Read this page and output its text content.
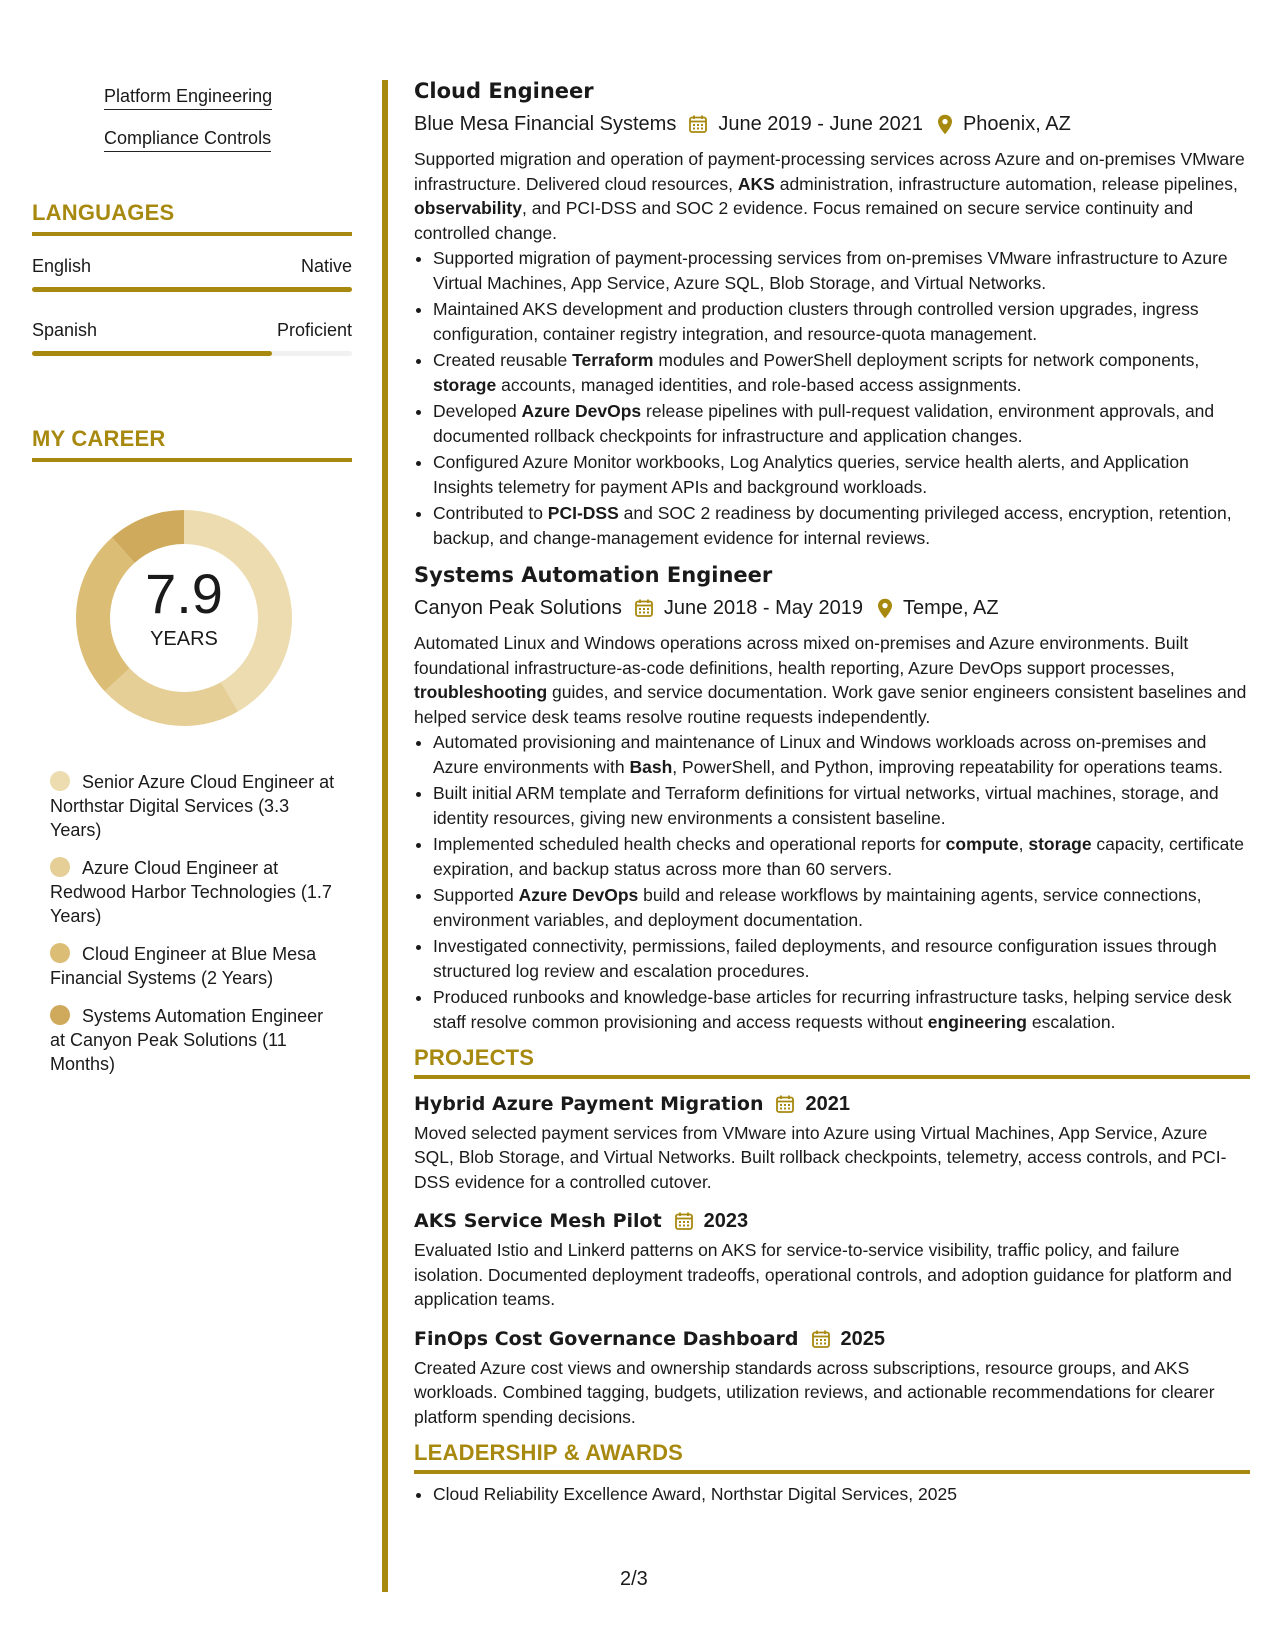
Platform Engineering
Compliance Controls
LANGUAGES
English	Native
Spanish	Proficient
MY CAREER
7.9
YEARS
Senior Azure Cloud Engineer at Northstar Digital Services (3.3 Years)
Azure Cloud Engineer at Redwood Harbor Technologies (1.7 Years)
Cloud Engineer at Blue Mesa Financial Systems (2 Years)
Systems Automation Engineer at Canyon Peak Solutions (11 Months)
Cloud Engineer
Blue Mesa Financial Systems June 2019 - June 2021 Phoenix, AZ
Supported migration and operation of payment-processing services across Azure and on-premises VMware infrastructure. Delivered cloud resources, AKS administration, infrastructure automation, release pipelines, observability, and PCI-DSS and SOC 2 evidence. Focus remained on secure service continuity and controlled change.
• Supported migration of payment-processing services from on-premises VMware infrastructure to Azure Virtual Machines, App Service, Azure SQL, Blob Storage, and Virtual Networks.
• Maintained AKS development and production clusters through controlled version upgrades, ingress configuration, container registry integration, and resource-quota management.
• Created reusable Terraform modules and PowerShell deployment scripts for network components, storage accounts, managed identities, and role-based access assignments.
• Developed Azure DevOps release pipelines with pull-request validation, environment approvals, and documented rollback checkpoints for infrastructure and application changes.
• Configured Azure Monitor workbooks, Log Analytics queries, service health alerts, and Application Insights telemetry for payment APIs and background workloads.
• Contributed to PCI-DSS and SOC 2 readiness by documenting privileged access, encryption, retention, backup, and change-management evidence for internal reviews.
Systems Automation Engineer
Canyon Peak Solutions June 2018 - May 2019 Tempe, AZ
Automated Linux and Windows operations across mixed on-premises and Azure environments. Built foundational infrastructure-as-code definitions, health reporting, Azure DevOps support processes, troubleshooting guides, and service documentation. Work gave senior engineers consistent baselines and helped service desk teams resolve routine requests independently.
• Automated provisioning and maintenance of Linux and Windows workloads across on-premises and Azure environments with Bash, PowerShell, and Python, improving repeatability for operations teams.
• Built initial ARM template and Terraform definitions for virtual networks, virtual machines, storage, and identity resources, giving new environments a consistent baseline.
• Implemented scheduled health checks and operational reports for compute, storage capacity, certificate expiration, and backup status across more than 60 servers.
• Supported Azure DevOps build and release workflows by maintaining agents, service connections, environment variables, and deployment documentation.
• Investigated connectivity, permissions, failed deployments, and resource configuration issues through structured log review and escalation procedures.
• Produced runbooks and knowledge-base articles for recurring infrastructure tasks, helping service desk staff resolve common provisioning and access requests without engineering escalation.
PROJECTS
Hybrid Azure Payment Migration 2021
Moved selected payment services from VMware into Azure using Virtual Machines, App Service, Azure SQL, Blob Storage, and Virtual Networks. Built rollback checkpoints, telemetry, access controls, and PCI-DSS evidence for a controlled cutover.
AKS Service Mesh Pilot 2023
Evaluated Istio and Linkerd patterns on AKS for service-to-service visibility, traffic policy, and failure isolation. Documented deployment tradeoffs, operational controls, and adoption guidance for platform and application teams.
FinOps Cost Governance Dashboard 2025
Created Azure cost views and ownership standards across subscriptions, resource groups, and AKS workloads. Combined tagging, budgets, utilization reviews, and actionable recommendations for clearer platform spending decisions.
LEADERSHIP & AWARDS
• Cloud Reliability Excellence Award, Northstar Digital Services, 2025
2/3
